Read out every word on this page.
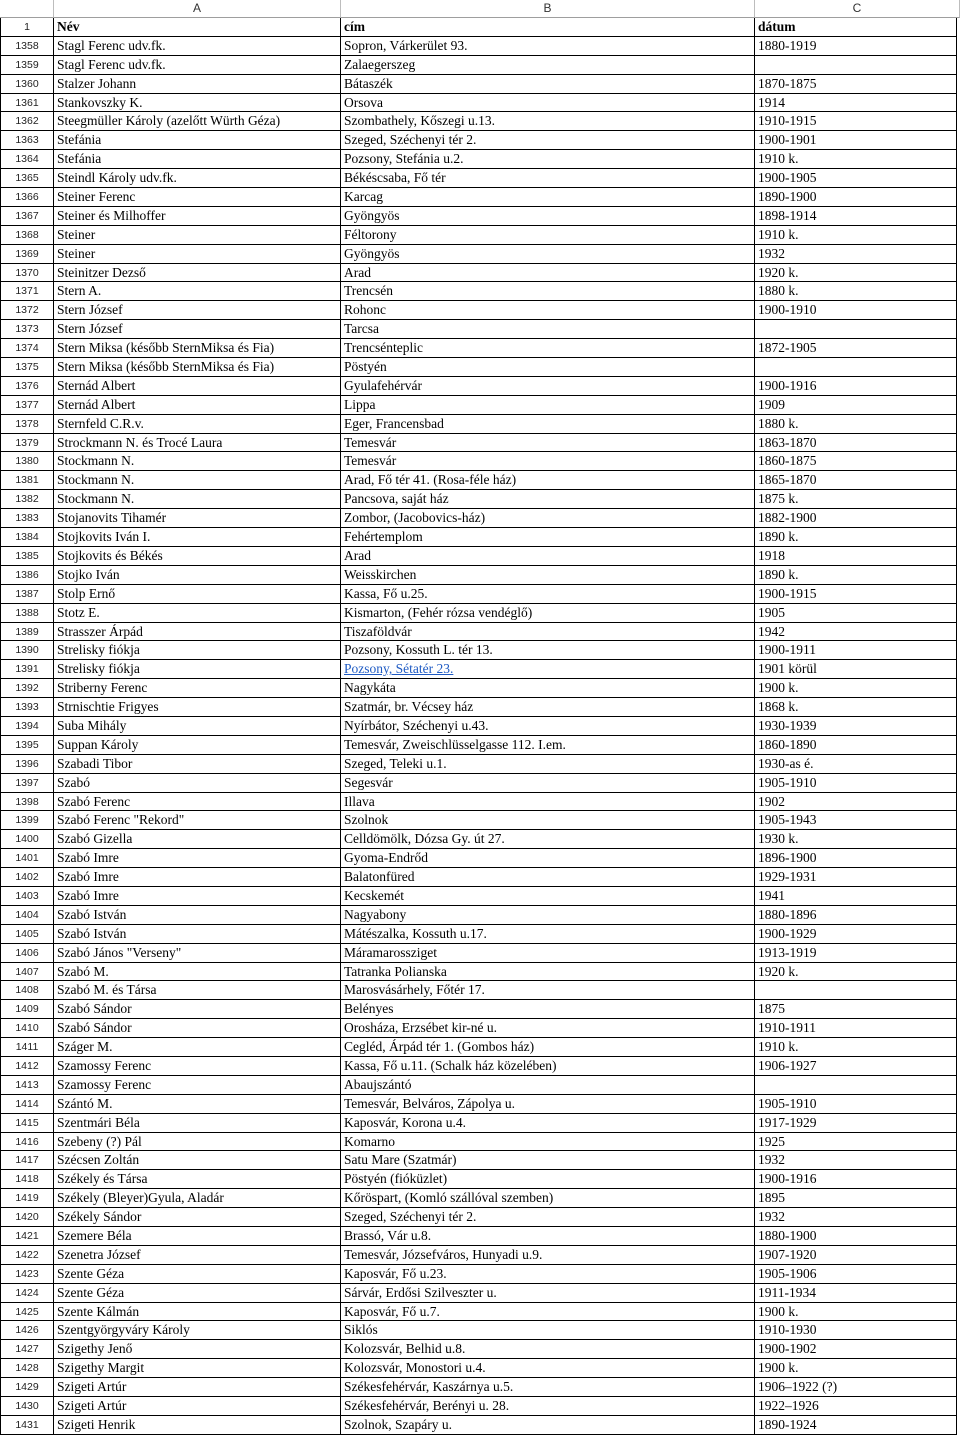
A	B	C
1	Név	cím	dátum
1358	Stagl Ferenc udv.fk.	Sopron, Várkerület 93.	1880-1919
1359	Stagl Ferenc udv.fk.	Zalaegerszeg
1360	Stalzer Johann	Bátaszék	1870-1875
1361	Stankovszky K.	Orsova	1914
1362	Steegmüller Károly (azelőtt Würth Géza)	Szombathely, Kőszegi u.13.	1910-1915
1363	Stefánia	Szeged, Széchenyi tér 2.	1900-1901
1364	Stefánia	Pozsony, Stefánia u.2.	1910 k.
1365	Steindl Károly udv.fk.	Békéscsaba, Fő tér	1900-1905
1366	Steiner Ferenc	Karcag	1890-1900
1367	Steiner és Milhoffer	Gyöngyös	1898-1914
1368	Steiner	Féltorony	1910 k.
1369	Steiner	Gyöngyös	1932
1370	Steinitzer Dezső	Arad	1920 k.
1371	Stern A.	Trencsén	1880 k.
1372	Stern József	Rohonc	1900-1910
1373	Stern József	Tarcsa
1374	Stern Miksa (később SternMiksa és Fia)	Trencsénteplic	1872-1905
1375	Stern Miksa (később SternMiksa és Fia)	Pöstyén
1376	Sternád Albert	Gyulafehérvár	1900-1916
1377	Sternád Albert	Lippa	1909
1378	Sternfeld C.R.v.	Eger, Francensbad	1880 k.
1379	Strockmann N. és Trocé Laura	Temesvár	1863-1870
1380	Stockmann N.	Temesvár	1860-1875
1381	Stockmann N.	Arad, Fő tér 41. (Rosa-féle ház)	1865-1870
1382	Stockmann N.	Pancsova, saját ház	1875 k.
1383	Stojanovits Tihamér	Zombor, (Jacobovics-ház)	1882-1900
1384	Stojkovits Iván I.	Fehértemplom	1890 k.
1385	Stojkovits és Békés	Arad	1918
1386	Stojko Iván	Weisskirchen	1890 k.
1387	Stolp Ernő	Kassa, Fő u.25.	1900-1915
1388	Stotz E.	Kismarton, (Fehér rózsa vendéglő)	1905
1389	Strasszer Árpád	Tiszaföldvár	1942
1390	Strelisky fiókja	Pozsony, Kossuth L. tér 13.	1900-1911
1391	Strelisky fiókja	Pozsony, Sétatér 23.	1901 körül
1392	Striberny Ferenc	Nagykáta	1900 k.
1393	Strnischtie Frigyes	Szatmár, br. Vécsey ház	1868 k.
1394	Suba Mihály	Nyírbátor, Széchenyi u.43.	1930-1939
1395	Suppan Károly	Temesvár, Zweischlüsselgasse 112. I.em.	1860-1890
1396	Szabadi Tibor	Szeged, Teleki u.1.	1930-as é.
1397	Szabó	Segesvár	1905-1910
1398	Szabó Ferenc	Illava	1902
1399	Szabó Ferenc "Rekord"	Szolnok	1905-1943
1400	Szabó Gizella	Celldömölk, Dózsa Gy. út 27.	1930 k.
1401	Szabó Imre	Gyoma-Endrőd	1896-1900
1402	Szabó Imre	Balatonfüred	1929-1931
1403	Szabó Imre	Kecskemét	1941
1404	Szabó István	Nagyabony	1880-1896
1405	Szabó István	Mátészalka, Kossuth u.17.	1900-1929
1406	Szabó János "Verseny"	Máramarossziget	1913-1919
1407	Szabó M.	Tatranka Polianska	1920 k.
1408	Szabó M. és Társa	Marosvásárhely, Főtér 17.
1409	Szabó Sándor	Belényes	1875
1410	Szabó Sándor	Orosháza, Erzsébet kir-né u.	1910-1911
1411	Száger M.	Cegléd, Árpád tér 1. (Gombos ház)	1910 k.
1412	Szamossy Ferenc	Kassa, Fő u.11. (Schalk ház közelében)	1906-1927
1413	Szamossy Ferenc	Abaujszántó
1414	Szántó M.	Temesvár, Belváros, Zápolya u.	1905-1910
1415	Szentmári Béla	Kaposvár, Korona u.4.	1917-1929
1416	Szebeny (?) Pál	Komarno	1925
1417	Szécsen Zoltán	Satu Mare (Szatmár)	1932
1418	Székely és Társa	Pöstyén (fióküzlet)	1900-1916
1419	Székely (Bleyer)Gyula, Aladár	Kőröspart, (Komló szállóval szemben)	1895
1420	Székely Sándor	Szeged, Széchenyi tér 2.	1932
1421	Szemere Béla	Brassó, Vár u.8.	1880-1900
1422	Szenetra József	Temesvár, Józsefváros, Hunyadi u.9.	1907-1920
1423	Szente Géza	Kaposvár, Fő u.23.	1905-1906
1424	Szente Géza	Sárvár, Erdősi Szilveszter u.	1911-1934
1425	Szente Kálmán	Kaposvár, Fő u.7.	1900 k.
1426	Szentgyörgyváry Károly	Siklós	1910-1930
1427	Szigethy Jenő	Kolozsvár, Belhid u.8.	1900-1902
1428	Szigethy Margit	Kolozsvár, Monostori u.4.	1900 k.
1429	Szigeti Artúr	Székesfehérvár, Kaszárnya u.5.	1906–1922 (?)
1430	Szigeti Artúr	Székesfehérvár, Berényi u. 28.	1922–1926
1431	Szigeti Henrik	Szolnok, Szapáry u.	1890-1924
